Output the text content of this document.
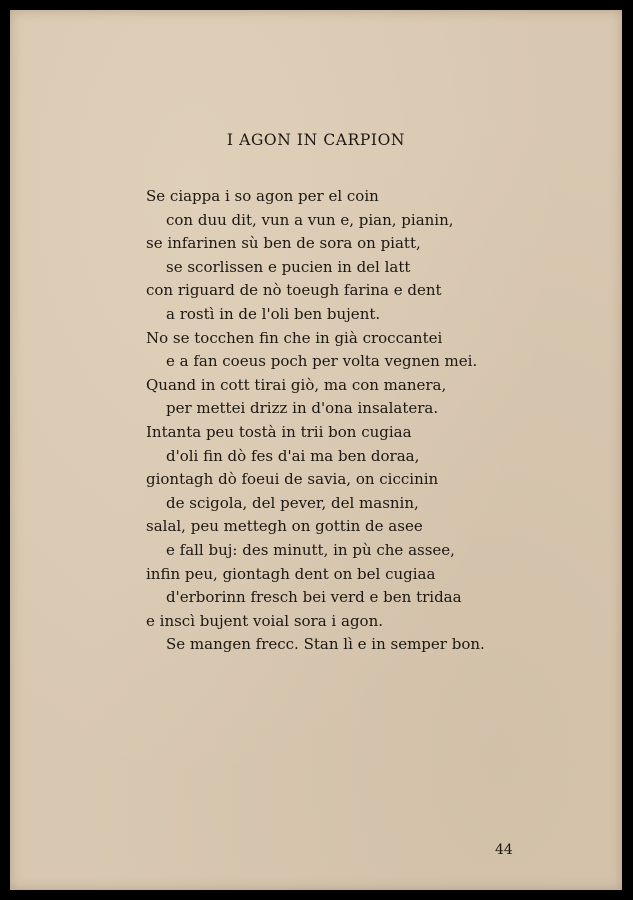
I AGON IN CARPION
Se ciappa i so agon per el coin
con duu dit, vun a vun e, pian, pianin,
se infarinen sù ben de sora on piatt,
se scorlissen e pucien in del latt
con riguard de nò toeugh farina e dent
a rostì in de l'oli ben bujent.
No se tocchen fin che in già croccantei
e a fan coeus poch per volta vegnen mei.
Quand in cott tirai giò, ma con manera,
per mettei drizz in d'ona insalatera.
Intanta peu tostà in trii bon cugiaa
d'oli fin dò fes d'ai ma ben doraa,
giontagh dò foeui de savia, on ciccinin
de scigola, del pever, del masnin,
salal, peu mettegh on gottin de asee
e fall buj: des minutt, in pù che assee,
infin peu, giontagh dent on bel cugiaa
d'erborinn fresch bei verd e ben tridaa
e inscì bujent voial sora i agon.
Se mangen frecc. Stan lì e in semper bon.
44
